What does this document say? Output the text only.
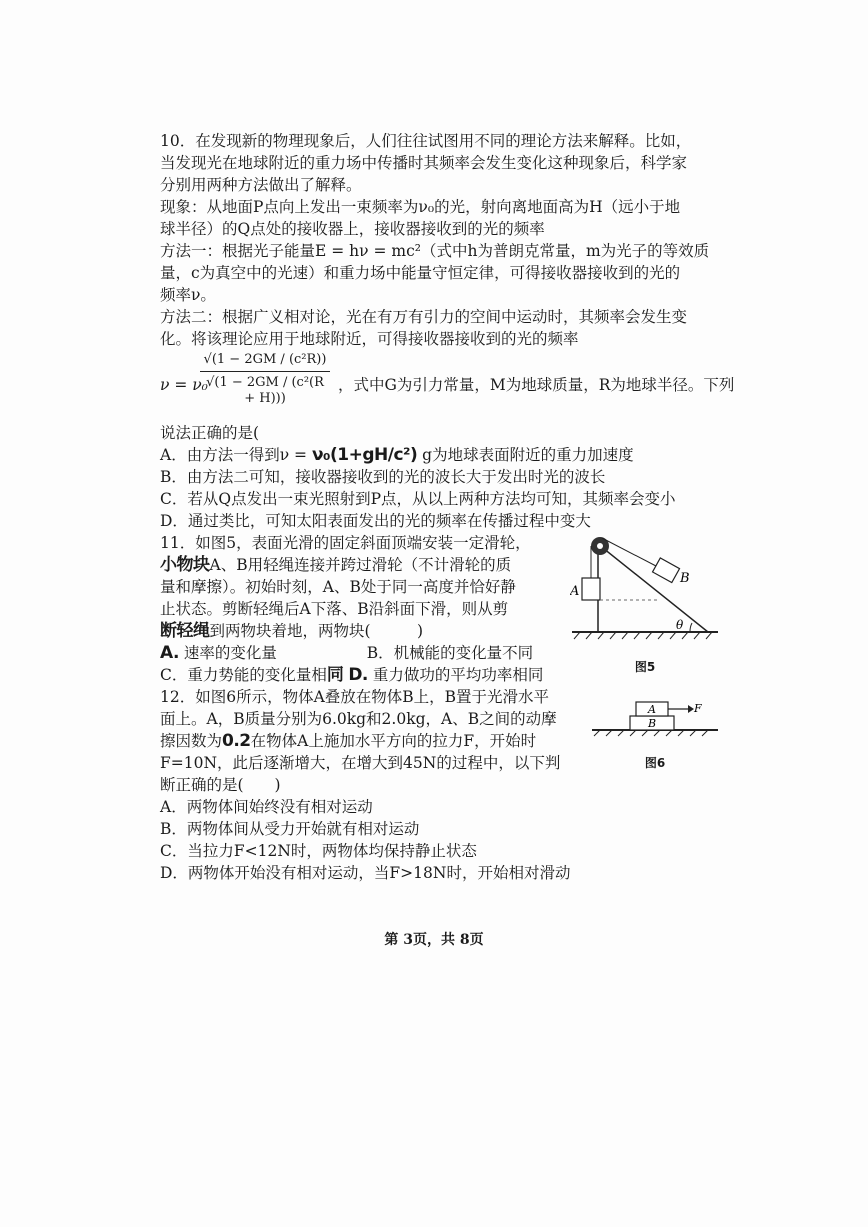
10．在发现新的物理现象后，人们往往试图用不同的理论方法来解释。比如，

当发现光在地球附近的重力场中传播时其频率会发生变化这种现象后，科学家

分别用两种方法做出了解释。

现象：从地面P点向上发出一束频率为ν₀的光，射向离地面高为H（远小于地

球半径）的Q点处的接收器上，接收器接收到的光的频率

方法一：根据光子能量E = hν = mc²（式中h为普朗克常量，m为光子的等效质

量，c为真空中的光速）和重力场中能量守恒定律，可得接收器接收到的光的

频率ν。

方法二：根据广义相对论，光在有万有引力的空间中运动时，其频率会发生变

化。将该理论应用于地球附近，可得接收器接收到的光的频率

ν = ν₀
√(1 − 2GM / (c²R))
√(1 − 2GM / (c²(R + H)))
，式中G为引力常量，M为地球质量，R为地球半径。下列

说法正确的是(

A．由方法一得到ν = ν₀(1+gH/c²) g为地球表面附近的重力加速度

B．由方法二可知，接收器接收到的光的波长大于发出时光的波长

C．若从Q点发出一束光照射到P点，从以上两种方法均可知，其频率会变小

D．通过类比，可知太阳表面发出的光的频率在传播过程中变大

11．如图5，表面光滑的固定斜面顶端安装一定滑轮，

小物块A、B用轻绳连接并跨过滑轮（不计滑轮的质

量和摩擦）。初始时刻，A、B处于同一高度并恰好静

止状态。剪断轻绳后A下落、B沿斜面下滑，则从剪

断轻绳到两物块着地，两物块(　　　)

A. 速率的变化量	B．机械能的变化量不同

C．重力势能的变化量相同 D. 重力做功的平均功率相同

A
B
θ
图5

12．如图6所示，物体A叠放在物体B上，B置于光滑水平

面上。A，B质量分别为6.0kg和2.0kg，A、B之间的动摩

擦因数为0.2在物体A上施加水平方向的拉力F，开始时

F=10N，此后逐渐增大，在增大到45N的过程中，以下判

断正确的是(　　)

A．两物体间始终没有相对运动

B．两物体间从受力开始就有相对运动

C．当拉力F<12N时，两物体均保持静止状态

D．两物体开始没有相对运动，当F>18N时，开始相对滑动

A
B
F
图6
第 3页，共 8页
